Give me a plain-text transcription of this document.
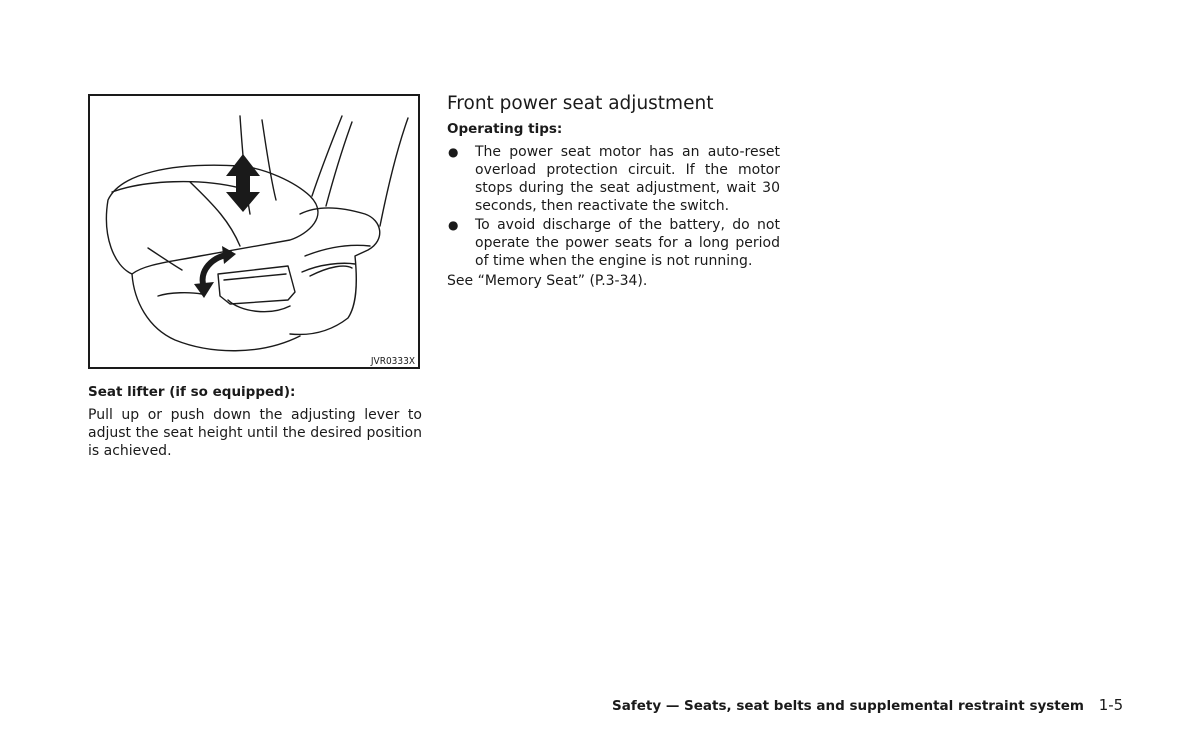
JVR0333X

Seat lifter (if so equipped):

Pull up or push down the adjusting lever to adjust the seat height until the desired position is achieved.

Front power seat adjustment

Operating tips:

● The power seat motor has an auto-reset overload protection circuit. If the motor stops during the seat adjustment, wait 30 seconds, then reactivate the switch.
● To avoid discharge of the battery, do not operate the power seats for a long period of time when the engine is not running.

See “Memory Seat” (P.3-34).

Safety — Seats, seat belts and supplemental restraint system 1-5
